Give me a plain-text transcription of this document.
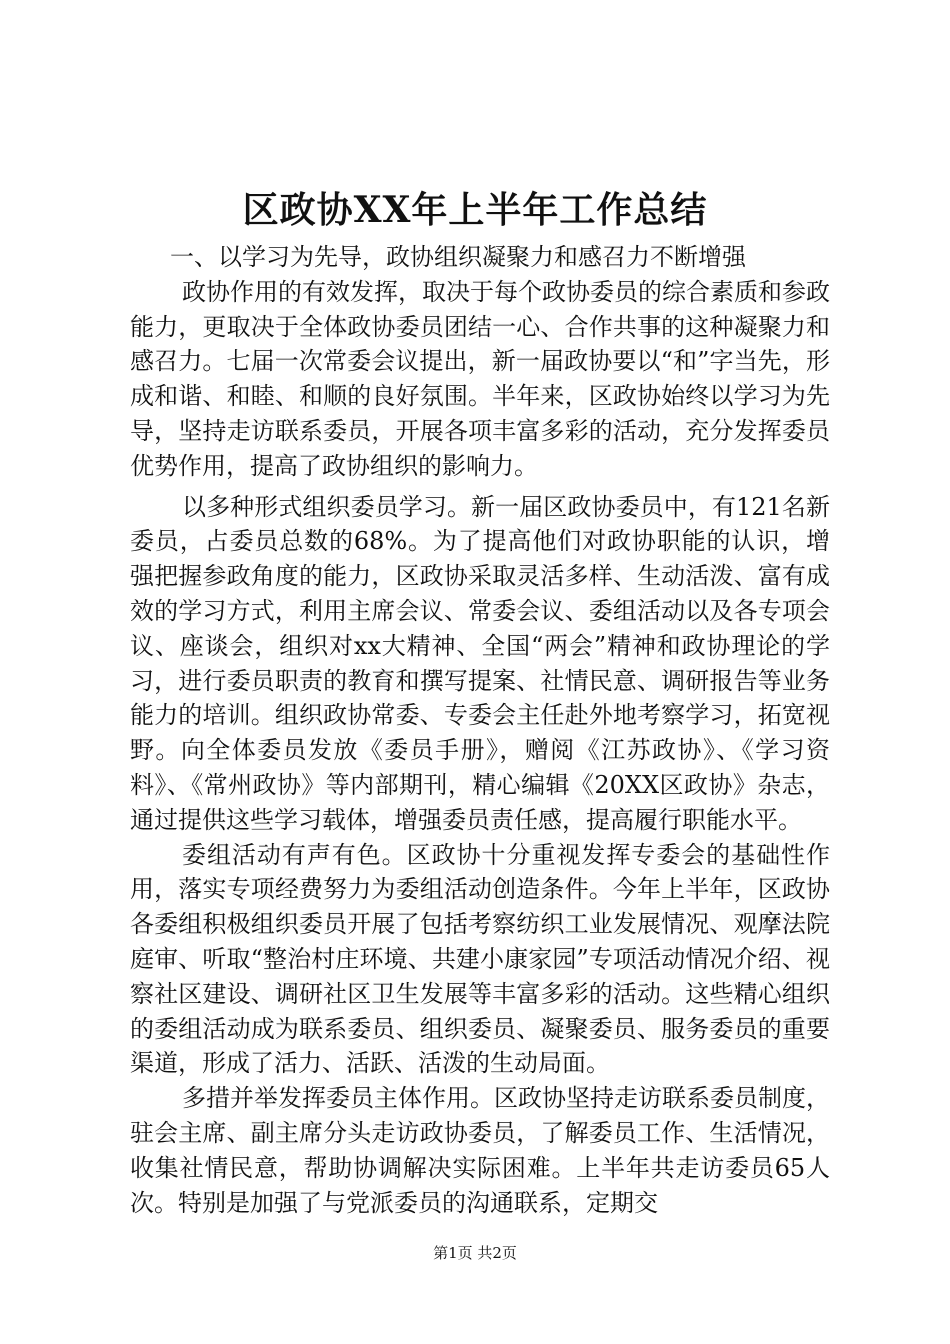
区政协XX年上半年工作总结

一、以学习为先导，政协组织凝聚力和感召力不断增强

政协作用的有效发挥，取决于每个政协委员的综合素质和参政能力，更取决于全体政协委员团结一心、合作共事的这种凝聚力和感召力。七届一次常委会议提出，新一届政协要以“和”字当先，形成和谐、和睦、和顺的良好氛围。半年来，区政协始终以学习为先导，坚持走访联系委员，开展各项丰富多彩的活动，充分发挥委员优势作用，提高了政协组织的影响力。

以多种形式组织委员学习。新一届区政协委员中，有121名新委员，占委员总数的68%。为了提高他们对政协职能的认识，增强把握参政角度的能力，区政协采取灵活多样、生动活泼、富有成效的学习方式，利用主席会议、常委会议、委组活动以及各专项会议、座谈会，组织对xx大精神、全国“两会”精神和政协理论的学习，进行委员职责的教育和撰写提案、社情民意、调研报告等业务能力的培训。组织政协常委、专委会主任赴外地考察学习，拓宽视野。向全体委员发放《委员手册》，赠阅《江苏政协》、《学习资料》、《常州政协》等内部期刊，精心编辑《20XX区政协》杂志，通过提供这些学习载体，增强委员责任感，提高履行职能水平。

委组活动有声有色。区政协十分重视发挥专委会的基础性作用，落实专项经费努力为委组活动创造条件。今年上半年，区政协各委组积极组织委员开展了包括考察纺织工业发展情况、观摩法院庭审、听取“整治村庄环境、共建小康家园”专项活动情况介绍、视察社区建设、调研社区卫生发展等丰富多彩的活动。这些精心组织的委组活动成为联系委员、组织委员、凝聚委员、服务委员的重要渠道，形成了活力、活跃、活泼的生动局面。

多措并举发挥委员主体作用。区政协坚持走访联系委员制度，驻会主席、副主席分头走访政协委员，了解委员工作、生活情况，收集社情民意，帮助协调解决实际困难。上半年共走访委员65人次。特别是加强了与党派委员的沟通联系，定期交

第1页 共2页
